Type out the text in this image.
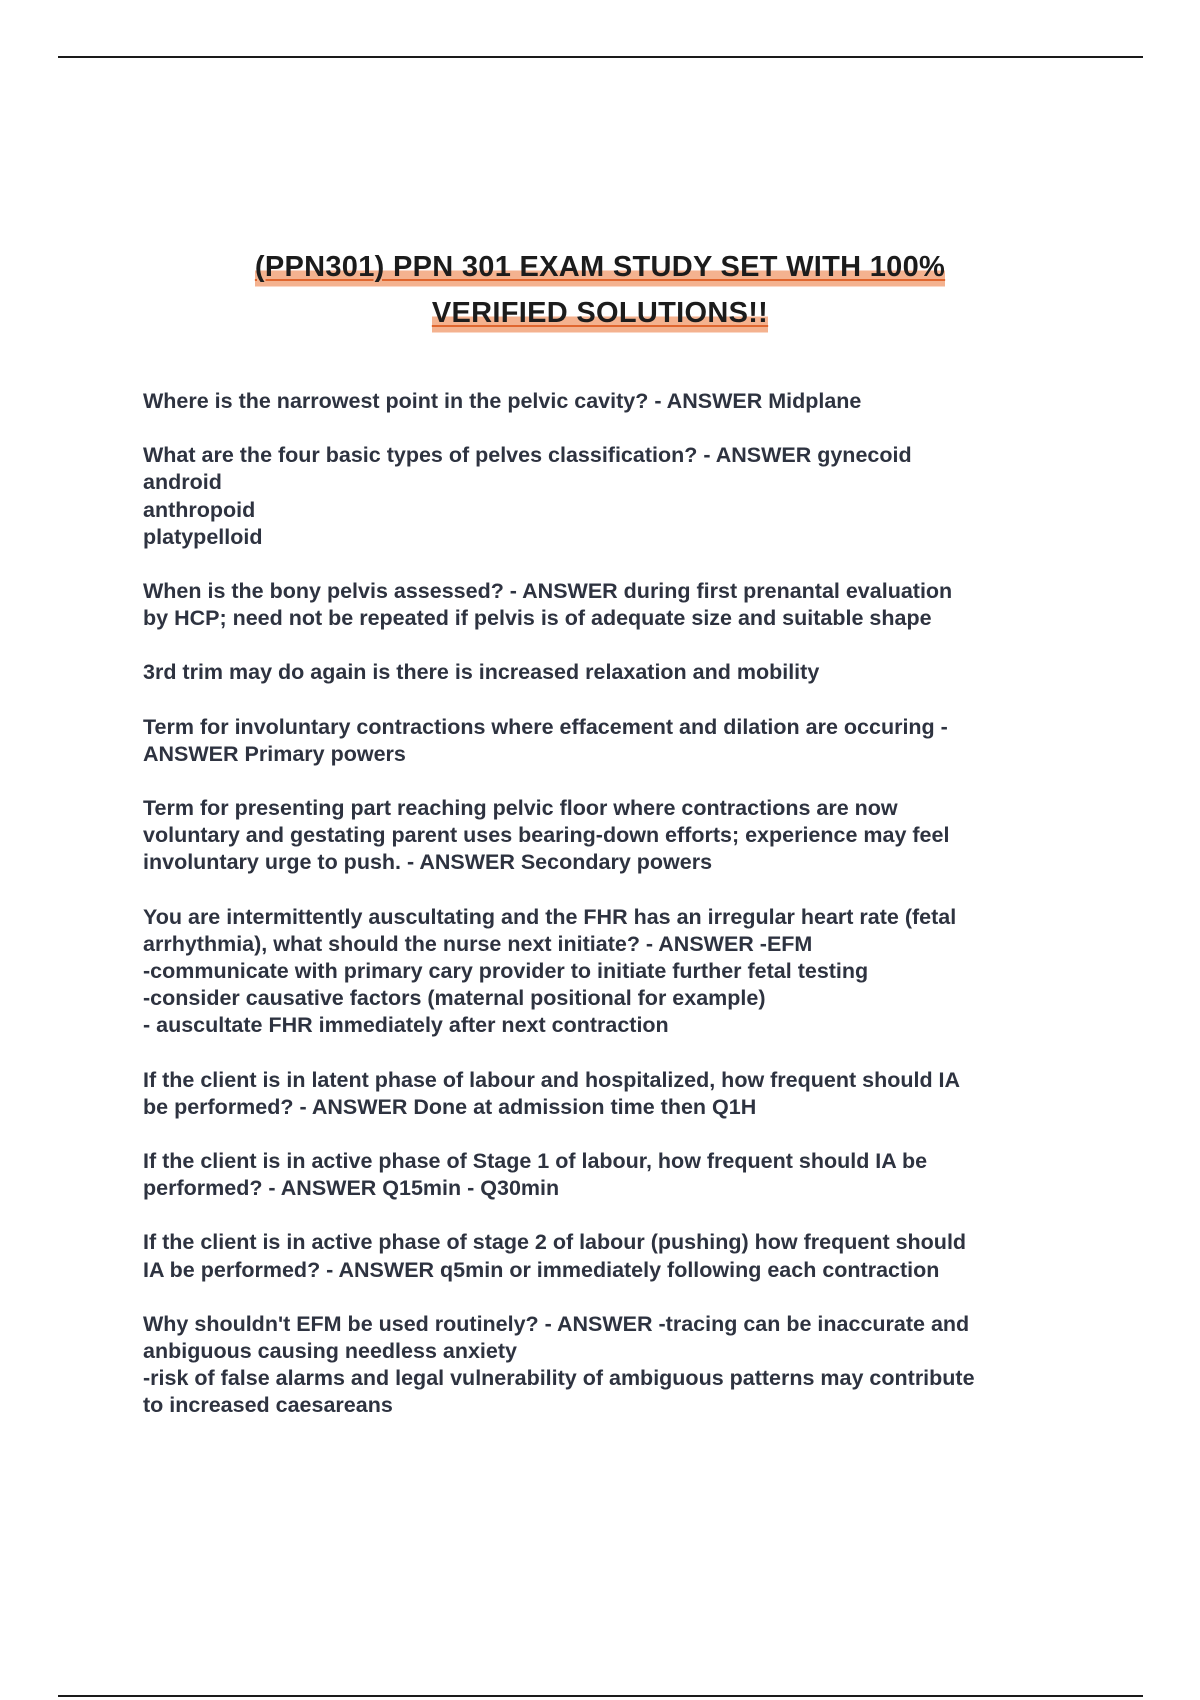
(PPN301) PPN 301 EXAM STUDY SET WITH 100%
VERIFIED SOLUTIONS!!

Where is the narrowest point in the pelvic cavity? - ANSWER Midplane

What are the four basic types of pelves classification? - ANSWER gynecoid
android
anthropoid
platypelloid

When is the bony pelvis assessed? - ANSWER during first prenantal evaluation
by HCP; need not be repeated if pelvis is of adequate size and suitable shape

3rd trim may do again is there is increased relaxation and mobility

Term for involuntary contractions where effacement and dilation are occuring -
ANSWER Primary powers

Term for presenting part reaching pelvic floor where contractions are now
voluntary and gestating parent uses bearing-down efforts; experience may feel
involuntary urge to push. - ANSWER Secondary powers

You are intermittently auscultating and the FHR has an irregular heart rate (fetal
arrhythmia), what should the nurse next initiate? - ANSWER -EFM
-communicate with primary cary provider to initiate further fetal testing
-consider causative factors (maternal positional for example)
- auscultate FHR immediately after next contraction

If the client is in latent phase of labour and hospitalized, how frequent should IA
be performed? - ANSWER Done at admission time then Q1H

If the client is in active phase of Stage 1 of labour, how frequent should IA be
performed? - ANSWER Q15min - Q30min

If the client is in active phase of stage 2 of labour (pushing) how frequent should
IA be performed? - ANSWER q5min or immediately following each contraction

Why shouldn't EFM be used routinely? - ANSWER -tracing can be inaccurate and
anbiguous causing needless anxiety
-risk of false alarms and legal vulnerability of ambiguous patterns may contribute
to increased caesareans
